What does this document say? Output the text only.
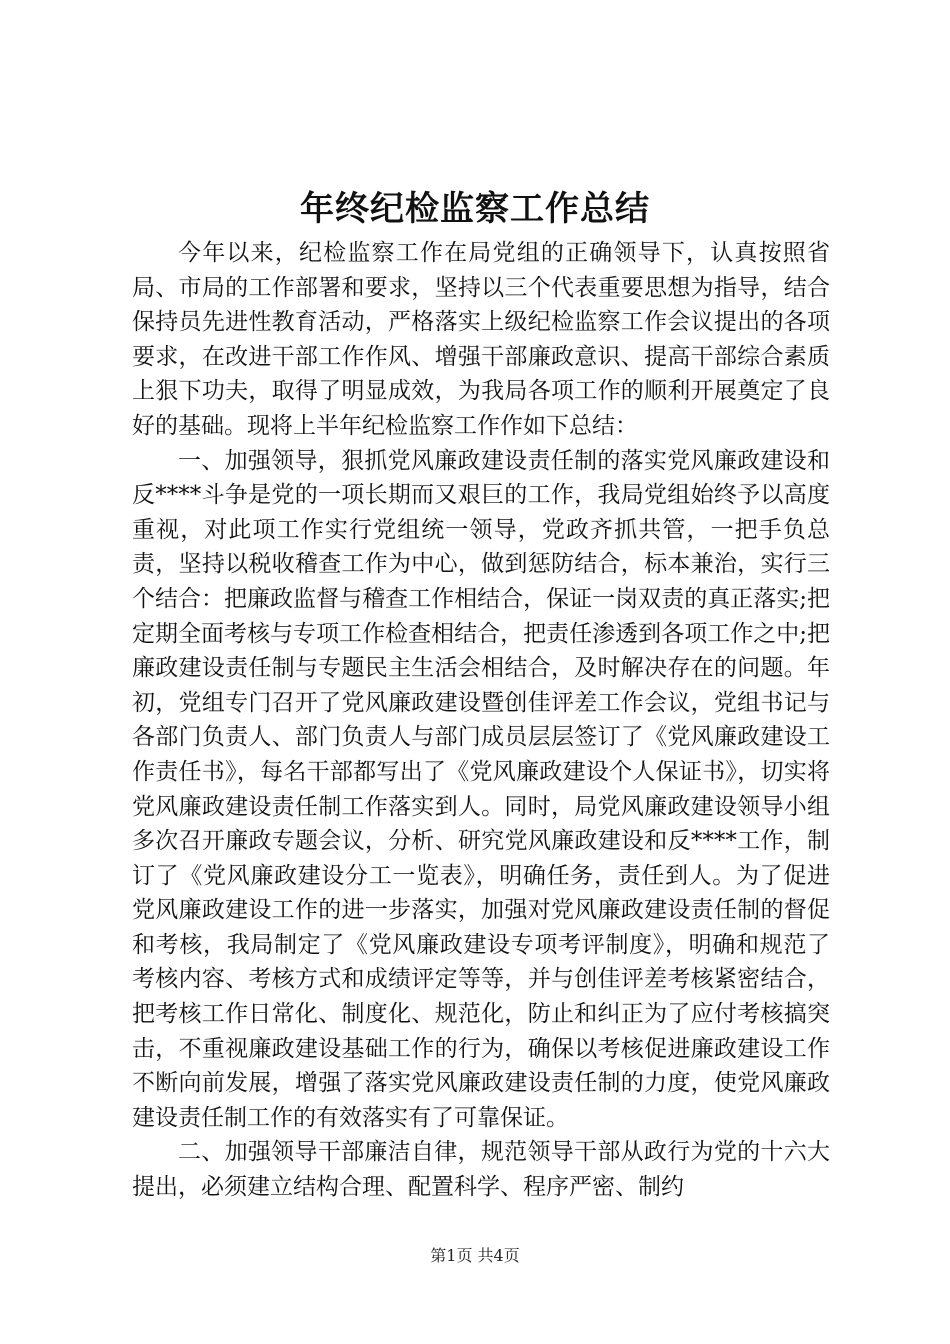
年终纪检监察工作总结

今年以来，纪检监察工作在局党组的正确领导下，认真按照省局、市局的工作部署和要求，坚持以三个代表重要思想为指导，结合保持员先进性教育活动，严格落实上级纪检监察工作会议提出的各项要求，在改进干部工作作风、增强干部廉政意识、提高干部综合素质上狠下功夫，取得了明显成效，为我局各项工作的顺利开展奠定了良好的基础。现将上半年纪检监察工作作如下总结：

一、加强领导，狠抓党风廉政建设责任制的落实党风廉政建设和反****斗争是党的一项长期而又艰巨的工作，我局党组始终予以高度重视，对此项工作实行党组统一领导，党政齐抓共管，一把手负总责，坚持以税收稽查工作为中心，做到惩防结合，标本兼治，实行三个结合：把廉政监督与稽查工作相结合，保证一岗双责的真正落实;把定期全面考核与专项工作检查相结合，把责任渗透到各项工作之中;把廉政建设责任制与专题民主生活会相结合，及时解决存在的问题。年初，党组专门召开了党风廉政建设暨创佳评差工作会议，党组书记与各部门负责人、部门负责人与部门成员层层签订了《党风廉政建设工作责任书》，每名干部都写出了《党风廉政建设个人保证书》，切实将党风廉政建设责任制工作落实到人。同时，局党风廉政建设领导小组多次召开廉政专题会议，分析、研究党风廉政建设和反****工作，制订了《党风廉政建设分工一览表》，明确任务，责任到人。为了促进党风廉政建设工作的进一步落实，加强对党风廉政建设责任制的督促和考核，我局制定了《党风廉政建设专项考评制度》，明确和规范了考核内容、考核方式和成绩评定等等，并与创佳评差考核紧密结合，把考核工作日常化、制度化、规范化，防止和纠正为了应付考核搞突击，不重视廉政建设基础工作的行为，确保以考核促进廉政建设工作不断向前发展，增强了落实党风廉政建设责任制的力度，使党风廉政建设责任制工作的有效落实有了可靠保证。

二、加强领导干部廉洁自律，规范领导干部从政行为党的十六大提出，必须建立结构合理、配置科学、程序严密、制约

第1页 共4页
